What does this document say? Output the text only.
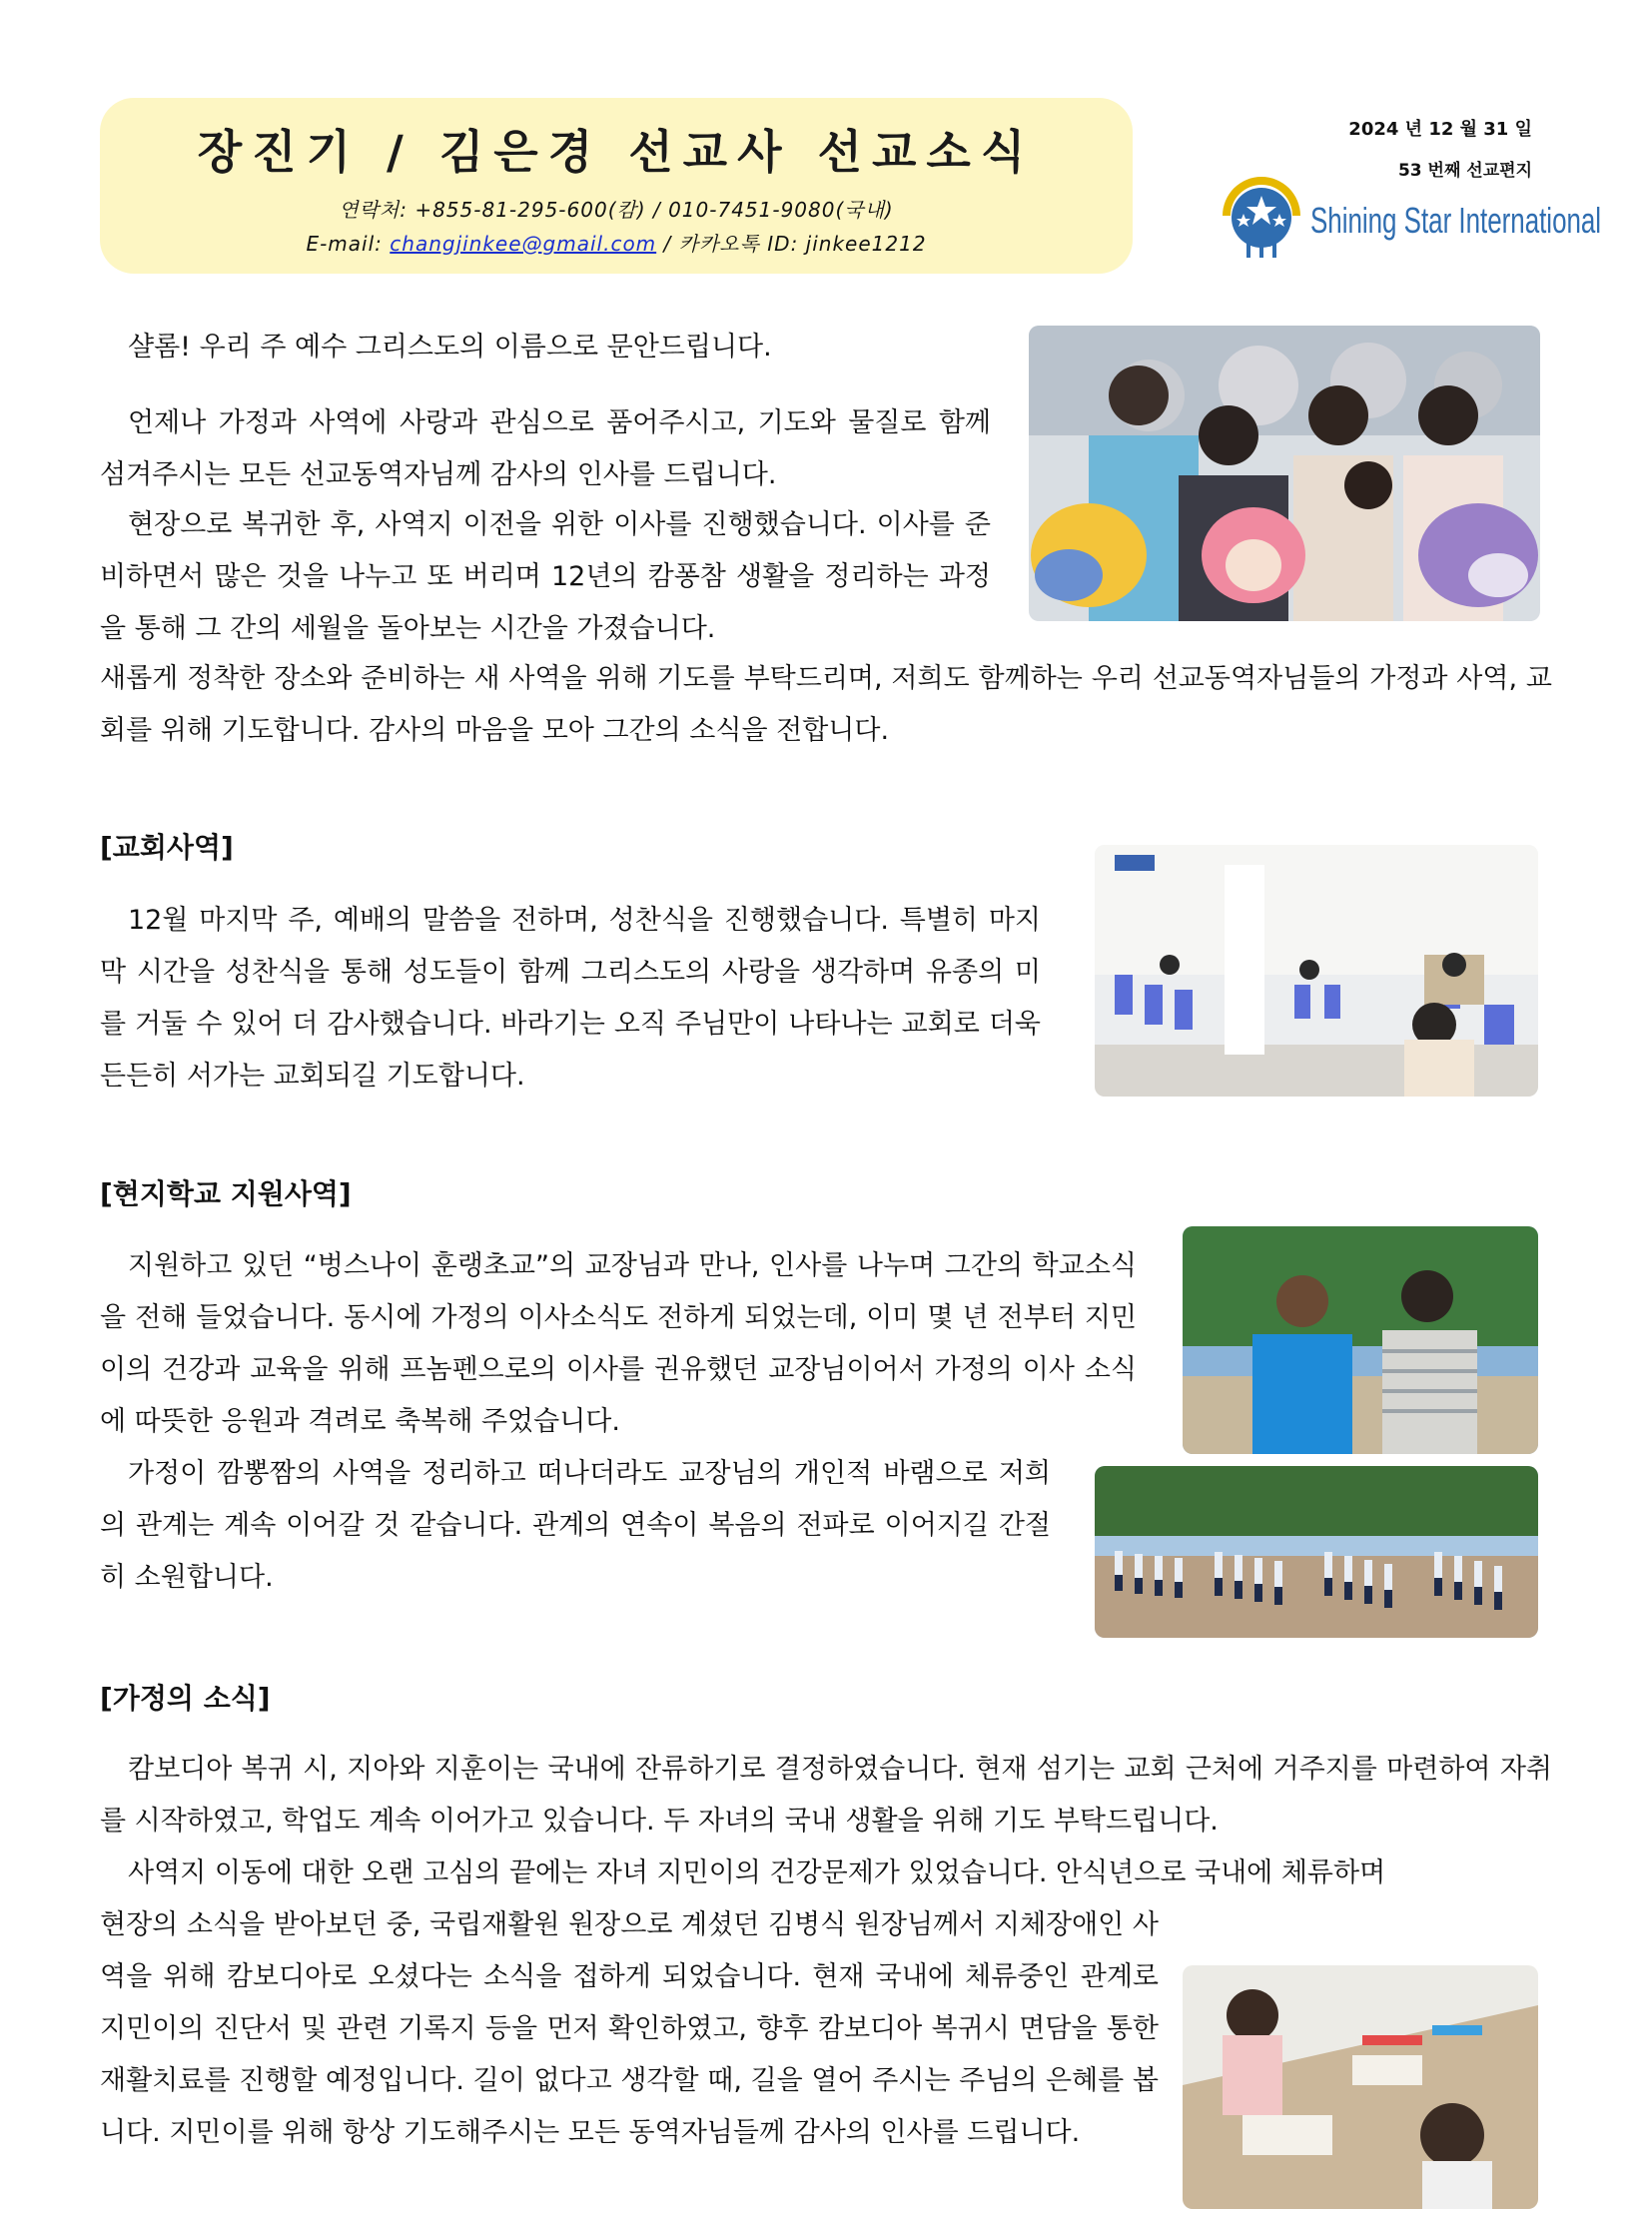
장진기 / 김은경 선교사 선교소식
연락처: +855-81-295-600(캄) / 010-7451-9080(국내)
E-mail: changjinkee@gmail.com / 카카오톡 ID: jinkee1212
2024 년 12 월 31 일
53 번째 선교편지
Shining Star International

샬롬! 우리 주 예수 그리스도의 이름으로 문안드립니다.

언제나 가정과 사역에 사랑과 관심으로 품어주시고, 기도와 물질로 함께 섬겨주시는 모든 선교동역자님께 감사의 인사를 드립니다.

현장으로 복귀한 후, 사역지 이전을 위한 이사를 진행했습니다. 이사를 준비하면서 많은 것을 나누고 또 버리며 12년의 캄퐁참 생활을 정리하는 과정을 통해 그 간의 세월을 돌아보는 시간을 가졌습니다.

새롭게 정착한 장소와 준비하는 새 사역을 위해 기도를 부탁드리며, 저희도 함께하는 우리 선교동역자님들의 가정과 사역, 교회를 위해 기도합니다. 감사의 마음을 모아 그간의 소식을 전합니다.

[교회사역]

12월 마지막 주, 예배의 말씀을 전하며, 성찬식을 진행했습니다. 특별히 마지막 시간을 성찬식을 통해 성도들이 함께 그리스도의 사랑을 생각하며 유종의 미를 거둘 수 있어 더 감사했습니다. 바라기는 오직 주님만이 나타나는 교회로 더욱 든든히 서가는 교회되길 기도합니다.

[현지학교 지원사역]

지원하고 있던 “벙스나이 훈랭초교”의 교장님과 만나, 인사를 나누며 그간의 학교소식을 전해 들었습니다. 동시에 가정의 이사소식도 전하게 되었는데, 이미 몇 년 전부터 지민이의 건강과 교육을 위해 프놈펜으로의 이사를 권유했던 교장님이어서 가정의 이사 소식에 따뜻한 응원과 격려로 축복해 주었습니다.

가정이 깜뽕짬의 사역을 정리하고 떠나더라도 교장님의 개인적 바램으로 저희의 관계는 계속 이어갈 것 같습니다. 관계의 연속이 복음의 전파로 이어지길 간절히 소원합니다.

[가정의 소식]

캄보디아 복귀 시, 지아와 지훈이는 국내에 잔류하기로 결정하였습니다. 현재 섬기는 교회 근처에 거주지를 마련하여 자취를 시작하였고, 학업도 계속 이어가고 있습니다. 두 자녀의 국내 생활을 위해 기도 부탁드립니다.

사역지 이동에 대한 오랜 고심의 끝에는 자녀 지민이의 건강문제가 있었습니다. 안식년으로 국내에 체류하며

현장의 소식을 받아보던 중, 국립재활원 원장으로 계셨던 김병식 원장님께서 지체장애인 사역을 위해 캄보디아로 오셨다는 소식을 접하게 되었습니다. 현재 국내에 체류중인 관계로 지민이의 진단서 및 관련 기록지 등을 먼저 확인하였고, 향후 캄보디아 복귀시 면담을 통한 재활치료를 진행할 예정입니다. 길이 없다고 생각할 때, 길을 열어 주시는 주님의 은혜를 봅니다. 지민이를 위해 항상 기도해주시는 모든 동역자님들께 감사의 인사를 드립니다.
